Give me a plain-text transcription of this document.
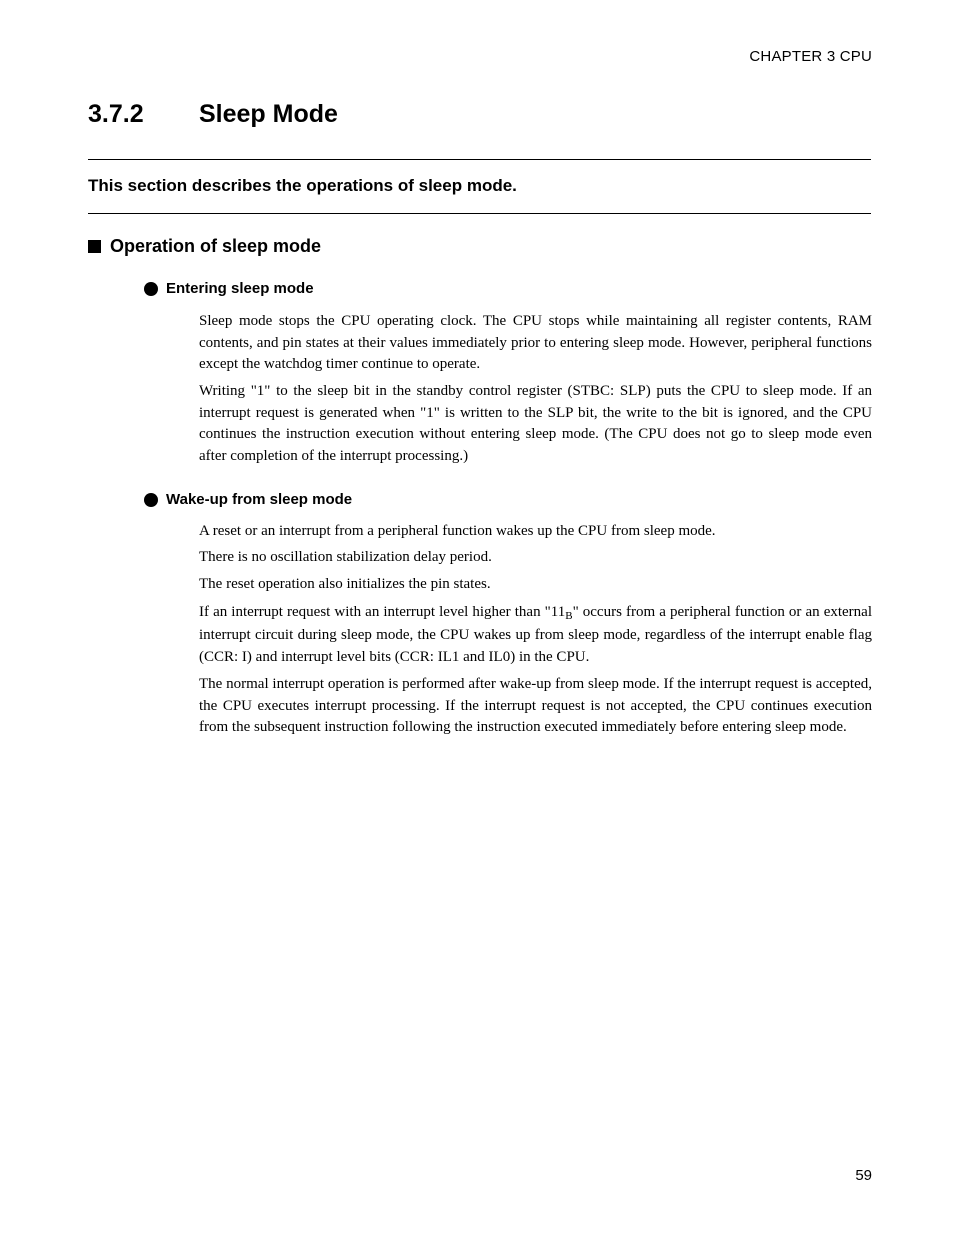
CHAPTER 3 CPU
3.7.2 Sleep Mode

This section describes the operations of sleep mode.

Operation of sleep mode
Entering sleep mode

Sleep mode stops the CPU operating clock. The CPU stops while maintaining all register contents, RAM contents, and pin states at their values immediately prior to entering sleep mode. However, peripheral functions except the watchdog timer continue to operate.

Writing "1" to the sleep bit in the standby control register (STBC: SLP) puts the CPU to sleep mode. If an interrupt request is generated when "1" is written to the SLP bit, the write to the bit is ignored, and the CPU continues the instruction execution without entering sleep mode. (The CPU does not go to sleep mode even after completion of the interrupt processing.)

Wake-up from sleep mode

A reset or an interrupt from a peripheral function wakes up the CPU from sleep mode.

There is no oscillation stabilization delay period.

The reset operation also initializes the pin states.

If an interrupt request with an interrupt level higher than "$11_B$" occurs from a peripheral function or an external interrupt circuit during sleep mode, the CPU wakes up from sleep mode, regardless of the interrupt enable flag (CCR: I) and interrupt level bits (CCR: IL1 and IL0) in the CPU.

The normal interrupt operation is performed after wake-up from sleep mode. If the interrupt request is accepted, the CPU executes interrupt processing. If the interrupt request is not accepted, the CPU continues execution from the subsequent instruction following the instruction executed immediately before entering sleep mode.

59
